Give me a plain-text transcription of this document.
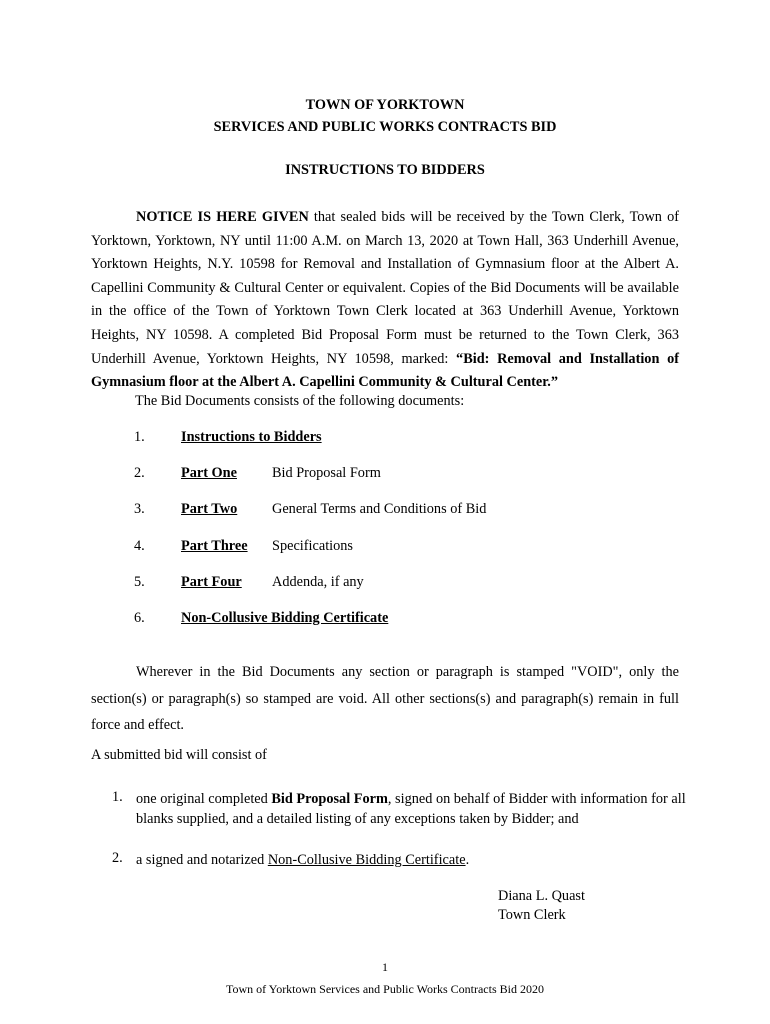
TOWN OF YORKTOWN
SERVICES AND PUBLIC WORKS CONTRACTS BID
INSTRUCTIONS TO BIDDERS

NOTICE IS HERE GIVEN that sealed bids will be received by the Town Clerk, Town of Yorktown, Yorktown, NY until 11:00 A.M. on March 13, 2020 at Town Hall, 363 Underhill Avenue, Yorktown Heights, N.Y. 10598 for Removal and Installation of Gymnasium floor at the Albert A. Capellini Community & Cultural Center or equivalent. Copies of the Bid Documents will be available in the office of the Town of Yorktown Town Clerk located at 363 Underhill Avenue, Yorktown Heights, NY 10598. A completed Bid Proposal Form must be returned to the Town Clerk, 363 Underhill Avenue, Yorktown Heights, NY 10598, marked: “Bid: Removal and Installation of Gymnasium floor at the Albert A. Capellini Community & Cultural Center.”

The Bid Documents consists of the following documents:
1.	Instructions to Bidders
2.	Part One Bid Proposal Form
3.	Part Two General Terms and Conditions of Bid
4.	Part Three Specifications
5.	Part Four Addenda, if any
6.	Non-Collusive Bidding Certificate

Wherever in the Bid Documents any section or paragraph is stamped "VOID", only the section(s) or paragraph(s) so stamped are void. All other sections(s) and paragraph(s) remain in full force and effect.

A submitted bid will consist of
1. one original completed Bid Proposal Form, signed on behalf of Bidder with information for all blanks supplied, and a detailed listing of any exceptions taken by Bidder; and
2. a signed and notarized Non-Collusive Bidding Certificate.
Diana L. Quast
Town Clerk
1
Town of Yorktown Services and Public Works Contracts Bid 2020
